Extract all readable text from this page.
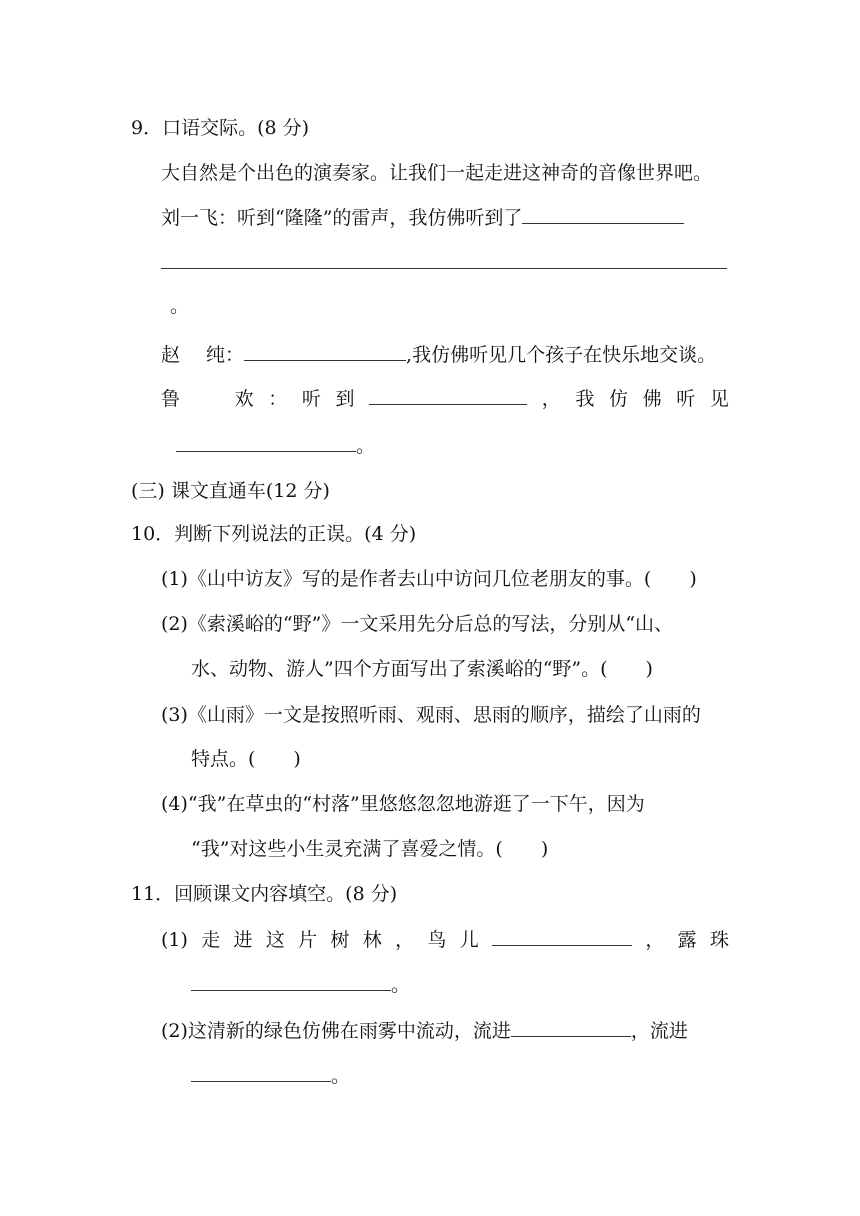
9．口语交际。(8 分)
大自然是个出色的演奏家。让我们一起走进这神奇的音像世界吧。
刘一飞：听到“隆隆”的雷声，我仿佛听到了
。
赵 纯：	,我仿佛听见几个孩子在快乐地交谈。
鲁	欢 ： 听 到	， 我 仿 佛 听 见
。
(三) 课文直通车(12 分)
10．判断下列说法的正误。(4 分)
(1)《山中访友》写的是作者去山中访问几位老朋友的事。(　　)
(2)《索溪峪的“野”》一文采用先分后总的写法，分别从“山、
水、动物、游人”四个方面写出了索溪峪的“野”。(　　)
(3)《山雨》一文是按照听雨、观雨、思雨的顺序，描绘了山雨的
特点。(　　)
(4)“我”在草虫的“村落”里悠悠忽忽地游逛了一下午，因为
“我”对这些小生灵充满了喜爱之情。(　　)
11．回顾课文内容填空。(8 分)
(1) 走 进 这 片 树 林 ， 鸟 儿	， 露 珠
。
(2)这清新的绿色仿佛在雨雾中流动，流进	，流进
。
